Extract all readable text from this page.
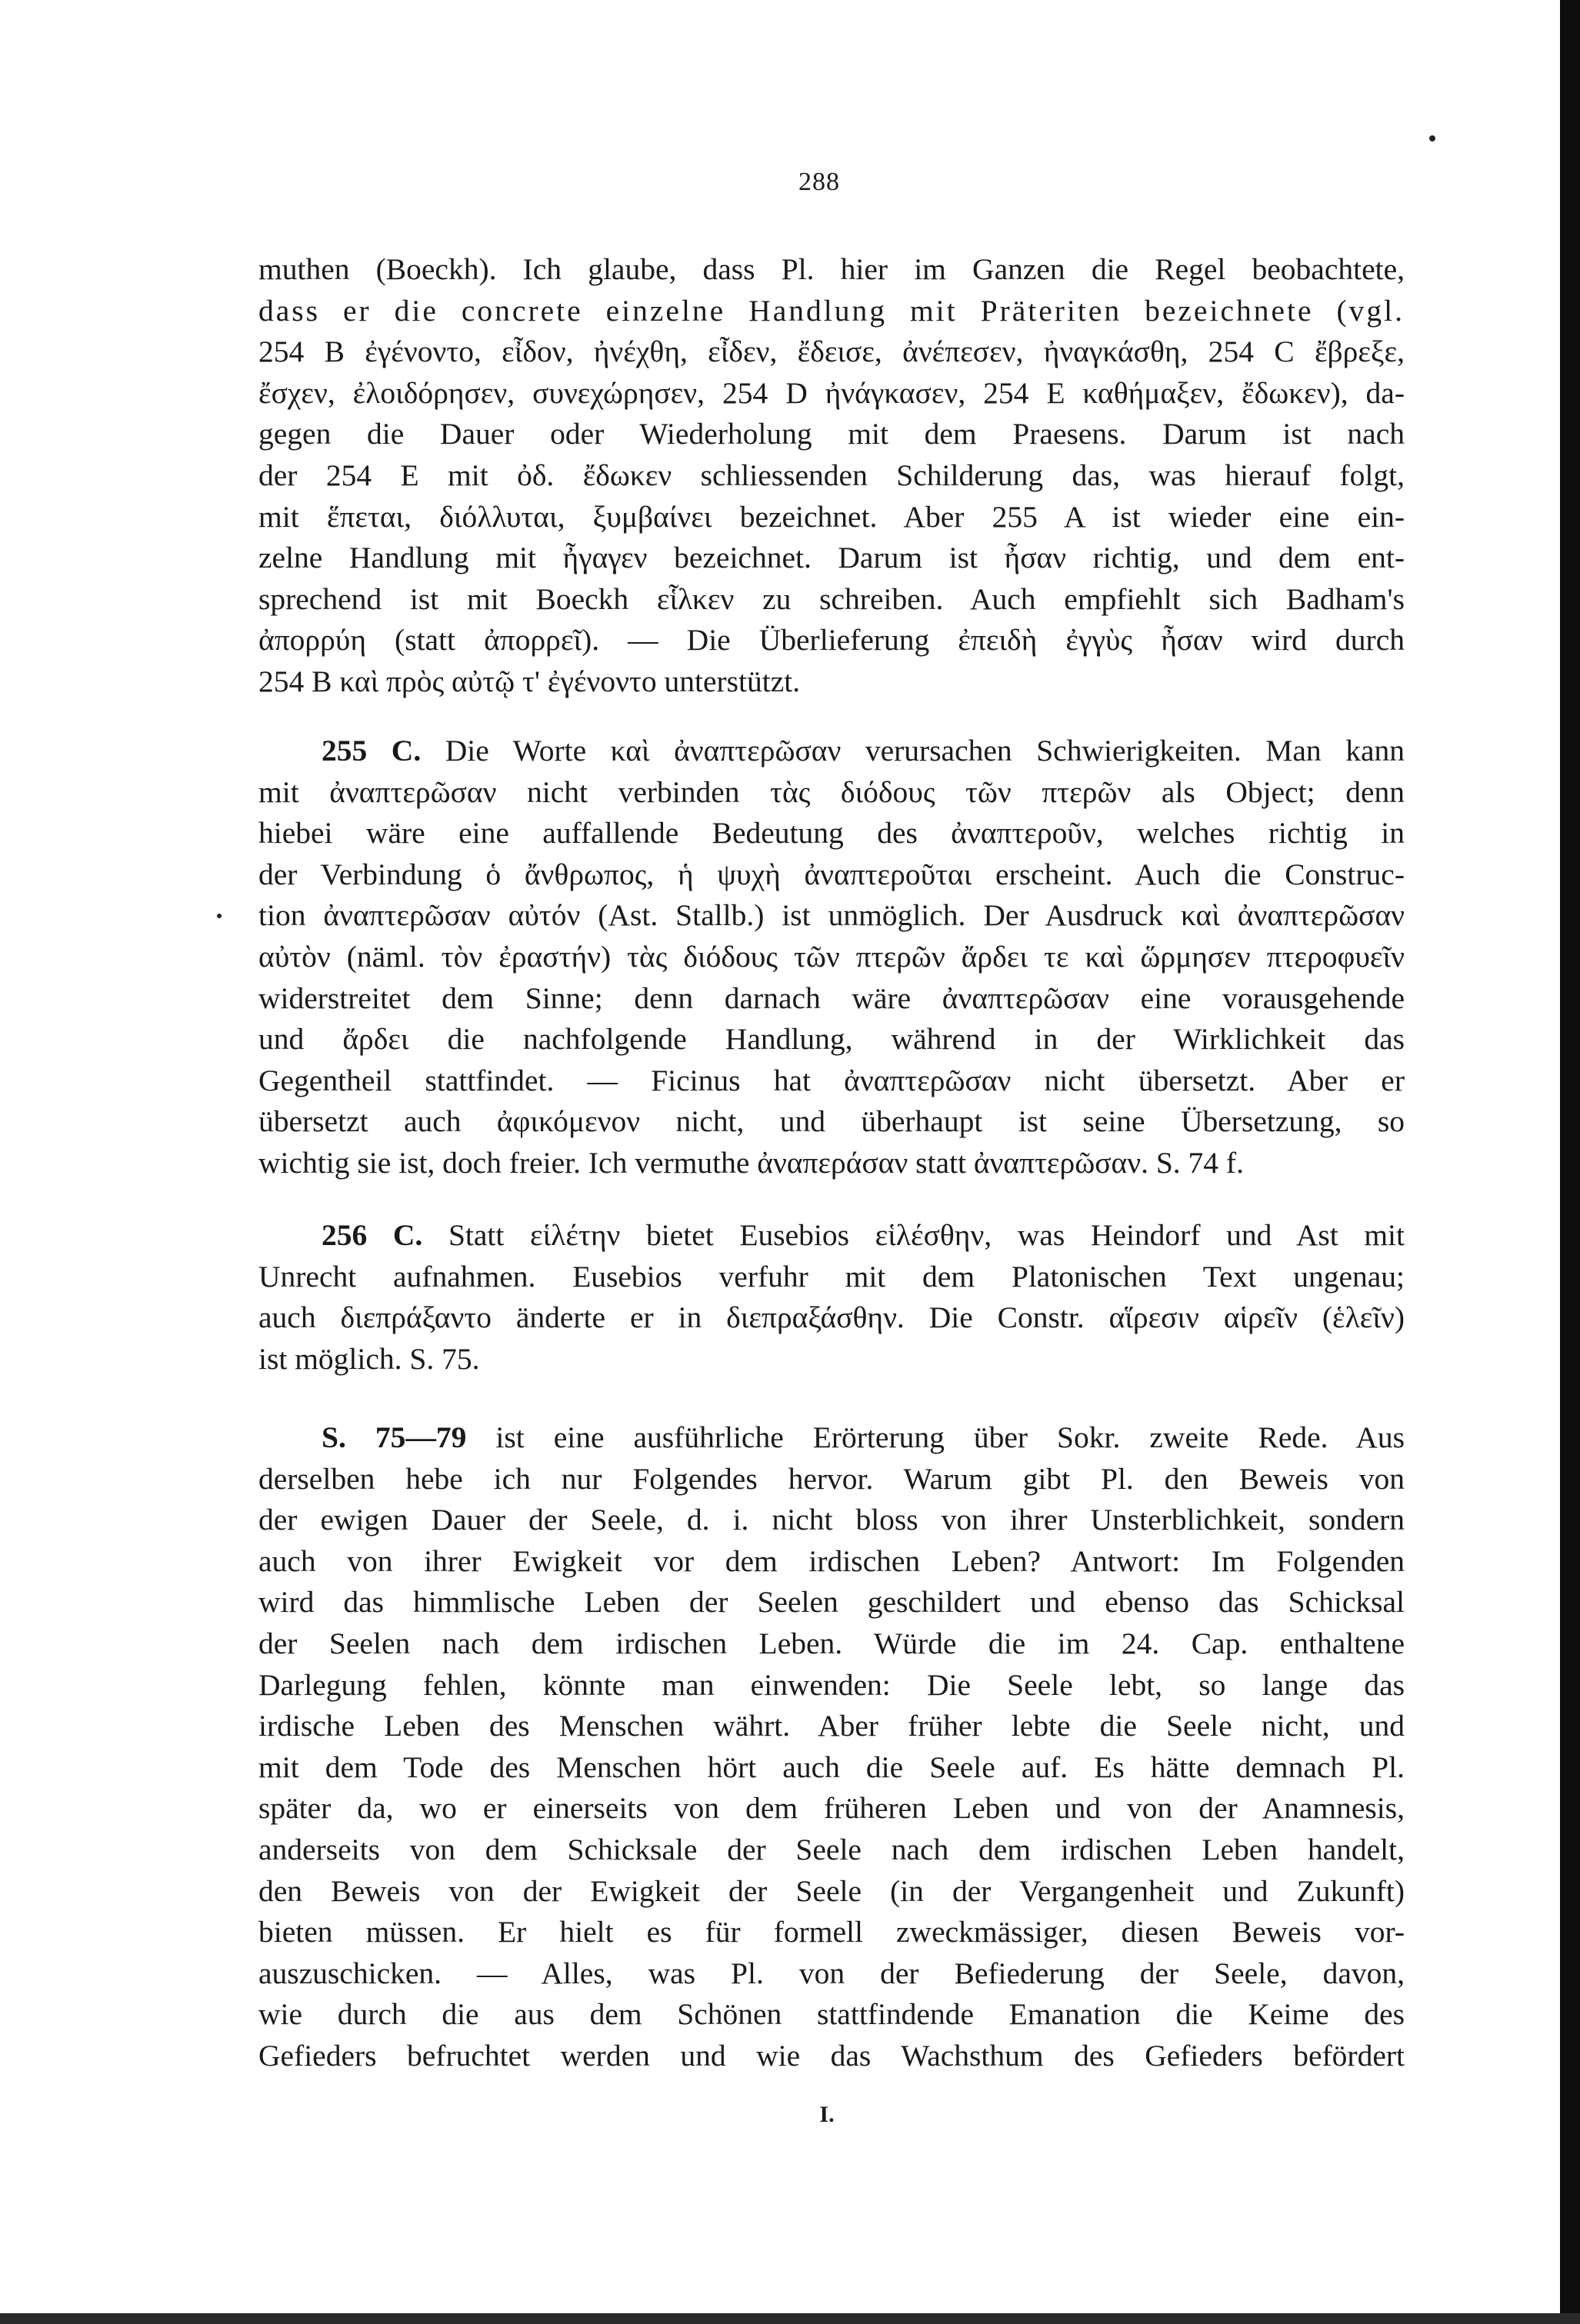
288

muthen (Boeckh). Ich glaube, dass Pl. hier im Ganzen die Regel beobachtete,
dass er die concrete einzelne Handlung mit Präteriten bezeichnete (vgl.
254 B ἐγένοντο, εἶδον, ἠνέχθη, εἶδεν, ἔδεισε, ἀνέπεσεν, ἠναγκάσθη, 254 C ἔβρεξε,
ἔσχεν, ἐλοιδόρησεν, συνεχώρησεν, 254 D ἠνάγκασεν, 254 E καθήμαξεν, ἔδωκεν), da-
gegen die Dauer oder Wiederholung mit dem Praesens. Darum ist nach
der 254 E mit ὀδ. ἔδωκεν schliessenden Schilderung das, was hierauf folgt,
mit ἕπεται, διόλλυται, ξυμβαίνει bezeichnet. Aber 255 A ist wieder eine ein-
zelne Handlung mit ἦγαγεν bezeichnet. Darum ist ἦσαν richtig, und dem ent-
sprechend ist mit Boeckh εἷλκεν zu schreiben. Auch empfiehlt sich Badham's
ἀπορρύη (statt ἀπορρεῖ). — Die Überlieferung ἐπειδὴ ἐγγὺς ἦσαν wird durch
254 B καὶ πρὸς αὐτῷ τ' ἐγένοντο unterstützt.

255 C. Die Worte καὶ ἀναπτερῶσαν verursachen Schwierigkeiten. Man kann
mit ἀναπτερῶσαν nicht verbinden τὰς διόδους τῶν πτερῶν als Object; denn
hiebei wäre eine auffallende Bedeutung des ἀναπτεροῦν, welches richtig in
der Verbindung ὁ ἄνθρωπος, ἡ ψυχὴ ἀναπτεροῦται erscheint. Auch die Construc-
tion ἀναπτερῶσαν αὐτόν (Ast. Stallb.) ist unmöglich. Der Ausdruck καὶ ἀναπτερῶσαν
αὐτὸν (näml. τὸν ἐραστήν) τὰς διόδους τῶν πτερῶν ἄρδει τε καὶ ὥρμησεν πτεροφυεῖν
widerstreitet dem Sinne; denn darnach wäre ἀναπτερῶσαν eine vorausgehende
und ἄρδει die nachfolgende Handlung, während in der Wirklichkeit das
Gegentheil stattfindet. — Ficinus hat ἀναπτερῶσαν nicht übersetzt. Aber er
übersetzt auch ἀφικόμενον nicht, und überhaupt ist seine Übersetzung, so
wichtig sie ist, doch freier. Ich vermuthe ἀναπεράσαν statt ἀναπτερῶσαν. S. 74 f.

256 C. Statt εἱλέτην bietet Eusebios εἱλέσθην, was Heindorf und Ast mit
Unrecht aufnahmen. Eusebios verfuhr mit dem Platonischen Text ungenau;
auch διεπράξαντο änderte er in διεπραξάσθην. Die Constr. αἵρεσιν αἱρεῖν (ἑλεῖν)
ist möglich. S. 75.

S. 75—79 ist eine ausführliche Erörterung über Sokr. zweite Rede. Aus
derselben hebe ich nur Folgendes hervor. Warum gibt Pl. den Beweis von
der ewigen Dauer der Seele, d. i. nicht bloss von ihrer Unsterblichkeit, sondern
auch von ihrer Ewigkeit vor dem irdischen Leben? Antwort: Im Folgenden
wird das himmlische Leben der Seelen geschildert und ebenso das Schicksal
der Seelen nach dem irdischen Leben. Würde die im 24. Cap. enthaltene
Darlegung fehlen, könnte man einwenden: Die Seele lebt, so lange das
irdische Leben des Menschen währt. Aber früher lebte die Seele nicht, und
mit dem Tode des Menschen hört auch die Seele auf. Es hätte demnach Pl.
später da, wo er einerseits von dem früheren Leben und von der Anamnesis,
anderseits von dem Schicksale der Seele nach dem irdischen Leben handelt,
den Beweis von der Ewigkeit der Seele (in der Vergangenheit und Zukunft)
bieten müssen. Er hielt es für formell zweckmässiger, diesen Beweis vor-
auszuschicken. — Alles, was Pl. von der Befiederung der Seele, davon,
wie durch die aus dem Schönen stattfindende Emanation die Keime des
Gefieders befruchtet werden und wie das Wachsthum des Gefieders befördert

I.
